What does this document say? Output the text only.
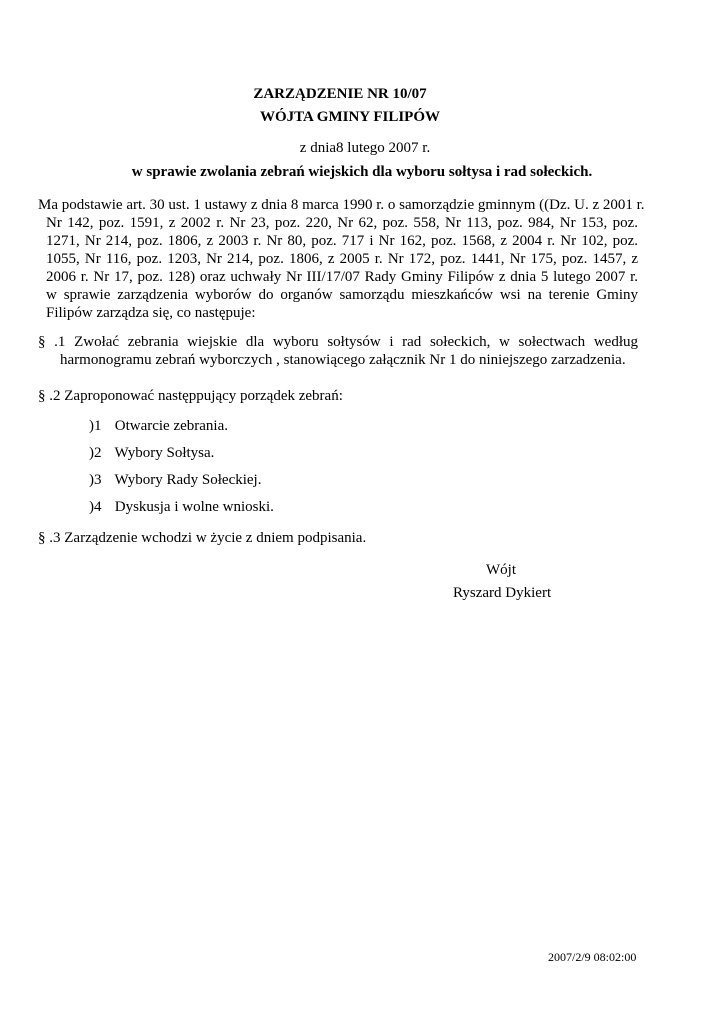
ZARZĄDZENIE NR 10/07
WÓJTA GMINY FILIPÓW
z dnia8 lutego 2007 r.
w sprawie zwolania zebrań wiejskich dla wyboru sołtysa i rad sołeckich.
Ma podstawie art. 30 ust. 1 ustawy z dnia 8 marca 1990 r. o samorządzie gminnym ((Dz. U. z 2001 r.
Nr 142, poz. 1591, z 2002 r. Nr 23, poz. 220, Nr 62, poz. 558, Nr 113, poz. 984, Nr 153, poz.
1271, Nr 214, poz. 1806, z 2003 r. Nr 80, poz. 717 i Nr 162, poz. 1568, z 2004 r. Nr 102, poz.
1055, Nr 116, poz. 1203, Nr 214, poz. 1806, z 2005 r. Nr 172, poz. 1441, Nr 175, poz. 1457, z
2006 r. Nr 17, poz. 128) oraz uchwały Nr III/17/07 Rady Gminy Filipów z dnia 5 lutego 2007 r.
w sprawie zarządzenia wyborów do organów samorządu mieszkańców wsi na terenie Gminy
Filipów zarządza się, co następuje:
§ .1 Zwołać zebrania wiejskie dla wyboru sołtysów i rad sołeckich, w sołectwach według
harmonogramu zebrań wyborczych , stanowiącego załącznik Nr 1 do niniejszego zarzadzenia.
§ .2 Zaproponować następpujący porządek zebrań:
)1 Otwarcie zebrania.
)2 Wybory Sołtysa.
)3 Wybory Rady Sołeckiej.
)4 Dyskusja i wolne wnioski.
§ .3 Zarządzenie wchodzi w życie z dniem podpisania.
Wójt
Ryszard Dykiert
2007/2/9 08:02:00
